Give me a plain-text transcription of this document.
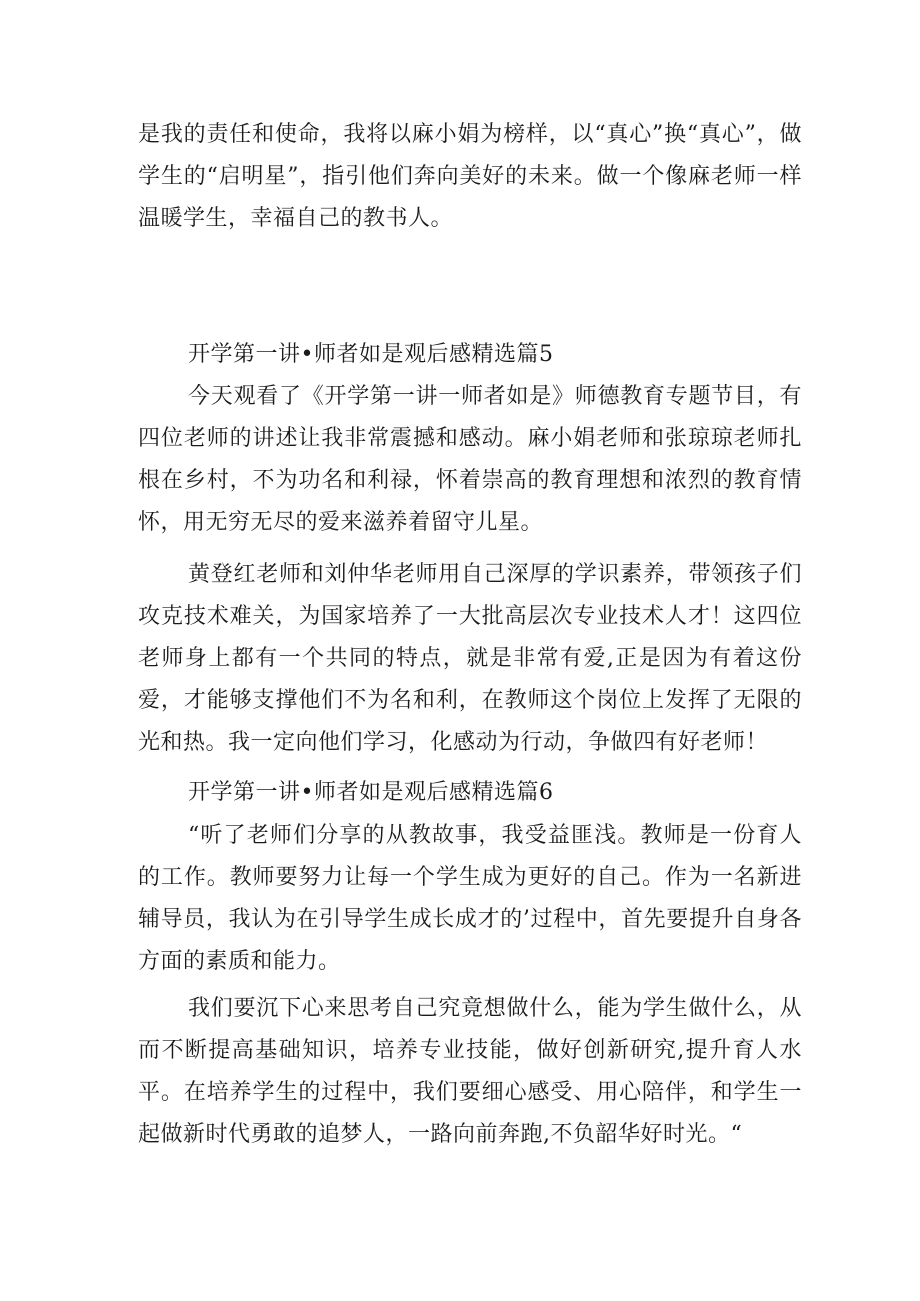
是我的责任和使命，我将以麻小娟为榜样，以“真心”换“真心”，做学生的“启明星”，指引他们奔向美好的未来。做一个像麻老师一样温暖学生，幸福自己的教书人。

开学第一讲•师者如是观后感精选篇5

今天观看了《开学第一讲一师者如是》师德教育专题节目，有四位老师的讲述让我非常震撼和感动。麻小娟老师和张琼琼老师扎根在乡村，不为功名和利禄，怀着崇高的教育理想和浓烈的教育情怀，用无穷无尽的爱来滋养着留守儿星。

黄登红老师和刘仲华老师用自己深厚的学识素养，带领孩子们攻克技术难关，为国家培养了一大批高层次专业技术人才！这四位老师身上都有一个共同的特点，就是非常有爱,正是因为有着这份爱，才能够支撑他们不为名和利，在教师这个岗位上发挥了无限的光和热。我一定向他们学习，化感动为行动，争做四有好老师！

开学第一讲•师者如是观后感精选篇6

“听了老师们分享的从教故事，我受益匪浅。教师是一份育人的工作。教师要努力让每一个学生成为更好的自己。作为一名新进辅导员，我认为在引导学生成长成才的’过程中，首先要提升自身各方面的素质和能力。

我们要沉下心来思考自己究竟想做什么，能为学生做什么，从而不断提高基础知识，培养专业技能，做好创新研究,提升育人水平。在培养学生的过程中，我们要细心感受、用心陪伴，和学生一起做新时代勇敢的追梦人，一路向前奔跑,不负韶华好时光。“
